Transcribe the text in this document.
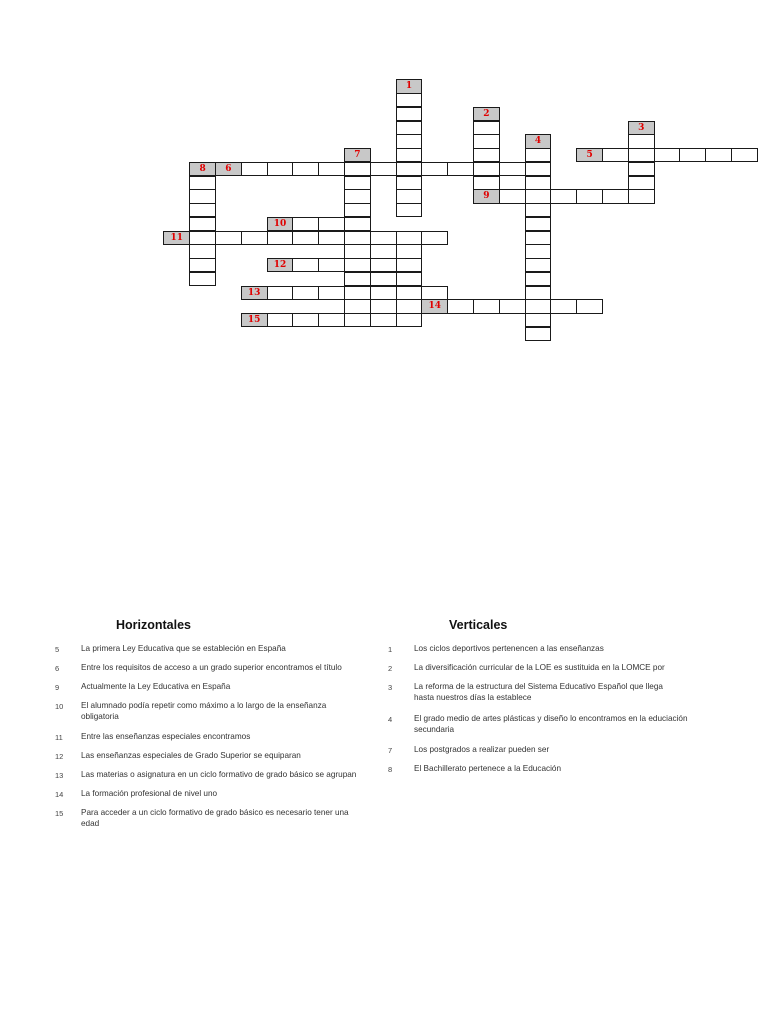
1
2
3
4
5
7
8	6
9
10
11
12
13
14
15
Horizontales	Verticales
5	La primera Ley Educativa que se estableción en España
6	Entre los requisitos de acceso a un grado superior encontramos el título
9	Actualmente la Ley Educativa en España
10	El alumnado podía repetir como máximo a lo largo de la enseñanza obligatoria
11	Entre las enseñanzas especiales encontramos
12	Las enseñanzas especiales de Grado Superior se equiparan
13	Las materias o asignatura en un ciclo formativo de grado básico se agrupan
14	La formación profesional de nivel uno
15	Para acceder a un ciclo formativo de grado básico es necesario tener una edad
1	Los ciclos deportivos pertenencen a las enseñanzas
2	La diversificación curricular de la LOE es sustituida en la LOMCE por
3	La reforma de la estructura del Sistema Educativo Español que llega hasta nuestros días la establece
4	El grado medio de artes plásticas y diseño lo encontramos en la educiación secundaria
7	Los postgrados a realizar pueden ser
8	El Bachillerato pertenece a la Educación
